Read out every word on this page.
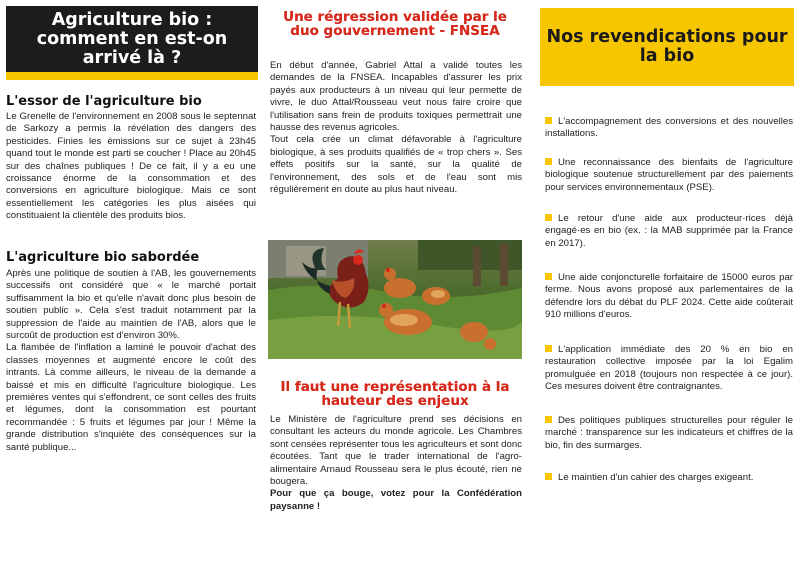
Agriculture bio :
comment en est-on
arrivé là ?
L'essor de l'agriculture bio
Le Grenelle de l'environnement en 2008 sous le septennat de Sarkozy a permis la révélation des dangers des pesticides. Finies les émissions sur ce sujet à 23h45 quand tout le monde est parti se coucher ! Place au 20h45 sur des chaînes publiques ! De ce fait, il y a eu une croissance énorme de la consommation et des conversions en agriculture biologique. Mais ce sont essentiellement les catégories les plus aisées qui constituaient la clientèle des produits bios.
L'agriculture bio sabordée

Après une politique de soutien à l'AB, les gouvernements successifs ont considéré que « le marché portait suffisamment la bio et qu'elle n'avait donc plus besoin de soutien public ». Cela s'est traduit notamment par la suppression de l'aide au maintien de l'AB, alors que le surcoût de production est d'environ 30%.

La flambée de l'inflation a laminé le pouvoir d'achat des classes moyennes et augmenté encore le coût des intrants. Là comme ailleurs, le niveau de la demande a baissé et mis en difficulté l'agriculture biologique. Les premières ventes qui s'effondrent, ce sont celles des fruits et légumes, dont la consommation est pourtant recommandée : 5 fruits et légumes par jour ! Même la grande distribution s'inquiète des conséquences sur la santé publique...

Une régression validée par le
duo gouvernement - FNSEA

En début d'année, Gabriel Attal a validé toutes les demandes de la FNSEA. Incapables d'assurer les prix payés aux producteurs à un niveau qui leur permette de vivre, le duo Attal/Rousseau veut nous faire croire que l'utilisation sans frein de produits toxiques permettrait une hausse des revenus agricoles.

Tout cela crée un climat défavorable à l'agriculture biologique, à ses produits qualifiés de « trop chers ». Ses effets positifs sur la santé, sur la qualité de l'environnement, des sols et de l'eau sont mis régulièrement en doute au plus haut niveau.

Il faut une représentation à la
hauteur des enjeux

Le Ministère de l'agriculture prend ses décisions en consultant les acteurs du monde agricole. Les Chambres sont censées représenter tous les agriculteurs et sont donc écoutées. Tant que le trader international de l'agro-alimentaire Arnaud Rousseau sera le plus écouté, rien ne bougera.

Pour que ça bouge, votez pour la Confédération paysanne !

Nos revendications pour
la bio
L'accompagnement des conversions et des nouvelles installations.
Une reconnaissance des bienfaits de l'agriculture biologique soutenue structurellement par des paiements pour services environnementaux (PSE).
Le retour d'une aide aux producteur·rices déjà engagé·es en bio (ex. : la MAB supprimée par la France en 2017).
Une aide conjoncturelle forfaitaire de 15000 euros par ferme. Nous avons proposé aux parlementaires de la défendre lors du débat du PLF 2024. Cette aide coûterait 910 millions d'euros.
L'application immédiate des 20 % en bio en restauration collective imposée par la loi Egalim promulguée en 2018 (toujours non respectée à ce jour). Ces mesures doivent être contraignantes.
Des politiques publiques structurelles pour réguler le marché : transparence sur les indicateurs et chiffres de la bio, fin des surmarges.
Le maintien d'un cahier des charges exigeant.
